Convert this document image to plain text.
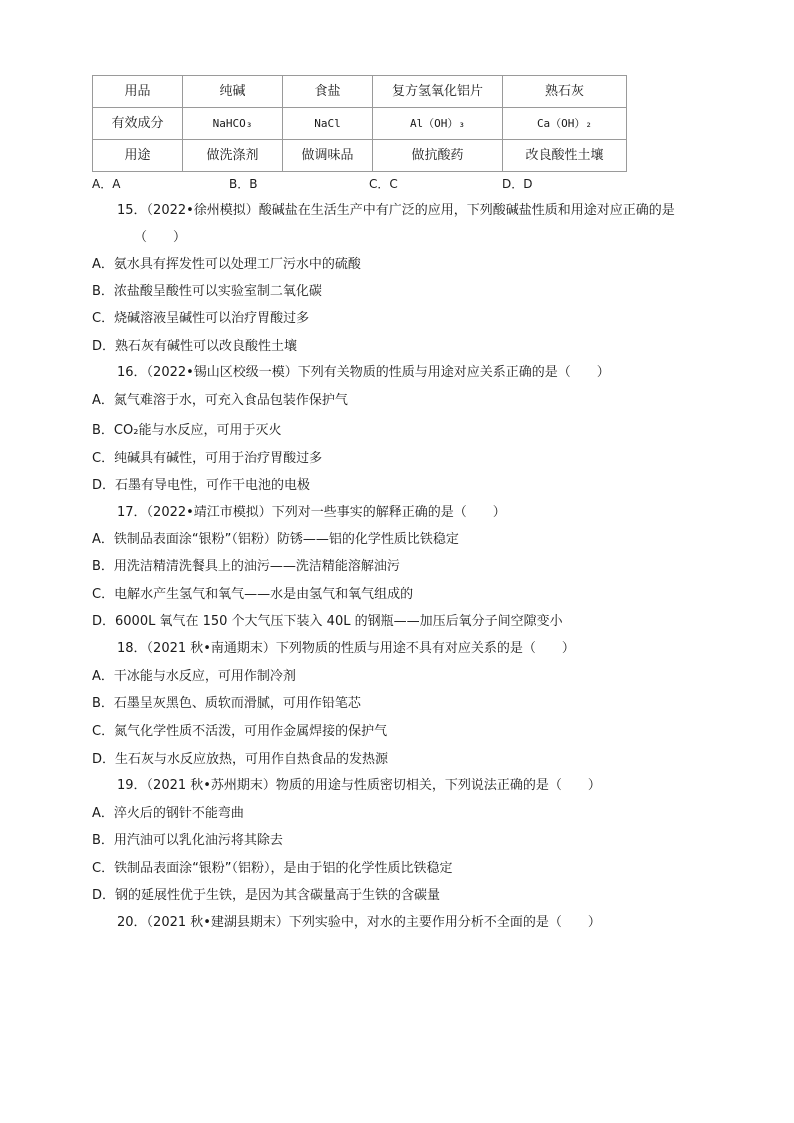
用品	纯碱	食盐	复方氢氧化铝片	熟石灰
有效成分	NaHCO₃	NaCl	Al（OH）₃	Ca（OH）₂
用途	做洗涤剂	做调味品	做抗酸药	改良酸性土壤
A．A	B．B	C．C	D．D
15．（2022•徐州模拟）酸碱盐在生活生产中有广泛的应用，下列酸碱盐性质和用途对应正确的是
（　　）
A．氨水具有挥发性可以处理工厂污水中的硫酸
B．浓盐酸呈酸性可以实验室制二氧化碳
C．烧碱溶液呈碱性可以治疗胃酸过多
D．熟石灰有碱性可以改良酸性土壤
16．（2022•锡山区校级一模）下列有关物质的性质与用途对应关系正确的是（　　）
A．氮气难溶于水，可充入食品包装作保护气
B．CO₂能与水反应，可用于灭火
C．纯碱具有碱性，可用于治疗胃酸过多
D．石墨有导电性，可作干电池的电极
17．（2022•靖江市模拟）下列对一些事实的解释正确的是（　　）
A．铁制品表面涂“银粉”（铝粉）防锈——铝的化学性质比铁稳定
B．用洗洁精清洗餐具上的油污——洗洁精能溶解油污
C．电解水产生氢气和氧气——水是由氢气和氧气组成的
D．6000L 氧气在 150 个大气压下装入 40L 的钢瓶——加压后氧分子间空隙变小
18．（2021 秋•南通期末）下列物质的性质与用途不具有对应关系的是（　　）
A．干冰能与水反应，可用作制冷剂
B．石墨呈灰黑色、质软而滑腻，可用作铅笔芯
C．氮气化学性质不活泼，可用作金属焊接的保护气
D．生石灰与水反应放热，可用作自热食品的发热源
19．（2021 秋•苏州期末）物质的用途与性质密切相关，下列说法正确的是（　　）
A．淬火后的钢针不能弯曲
B．用汽油可以乳化油污将其除去
C．铁制品表面涂“银粉”（铝粉），是由于铝的化学性质比铁稳定
D．钢的延展性优于生铁，是因为其含碳量高于生铁的含碳量
20．（2021 秋•建湖县期末）下列实验中，对水的主要作用分析不全面的是（　　）
